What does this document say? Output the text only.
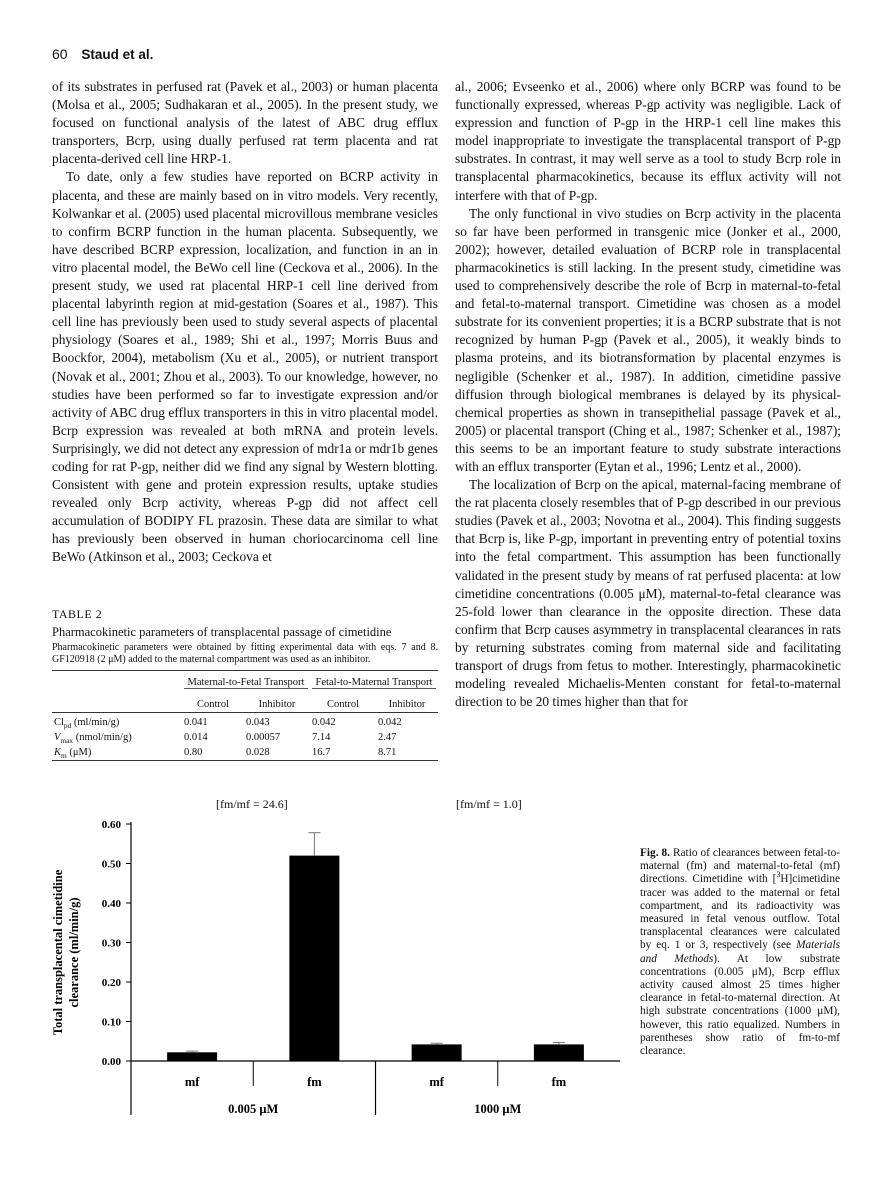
60 Staud et al.

of its substrates in perfused rat (Pavek et al., 2003) or human placenta (Molsa et al., 2005; Sudhakaran et al., 2005). In the present study, we focused on functional analysis of the latest of ABC drug efflux transporters, Bcrp, using dually perfused rat term placenta and rat placenta-derived cell line HRP-1.

To date, only a few studies have reported on BCRP activity in placenta, and these are mainly based on in vitro models. Very recently, Kolwankar et al. (2005) used placental microvillous membrane vesicles to confirm BCRP function in the human placenta. Subsequently, we have described BCRP expression, localization, and function in an in vitro placental model, the BeWo cell line (Ceckova et al., 2006). In the present study, we used rat placental HRP-1 cell line derived from placental labyrinth region at mid-gestation (Soares et al., 1987). This cell line has previously been used to study several aspects of placental physiology (Soares et al., 1989; Shi et al., 1997; Morris Buus and Boockfor, 2004), metabolism (Xu et al., 2005), or nutrient transport (Novak et al., 2001; Zhou et al., 2003). To our knowledge, however, no studies have been performed so far to investigate expression and/or activity of ABC drug efflux transporters in this in vitro placental model. Bcrp expression was revealed at both mRNA and protein levels. Surprisingly, we did not detect any expression of mdr1a or mdr1b genes coding for rat P-gp, neither did we find any signal by Western blotting. Consistent with gene and protein expression results, uptake studies revealed only Bcrp activity, whereas P-gp did not affect cell accumulation of BODIPY FL prazosin. These data are similar to what has previously been observed in human choriocarcinoma cell line BeWo (Atkinson et al., 2003; Ceckova et

al., 2006; Evseenko et al., 2006) where only BCRP was found to be functionally expressed, whereas P-gp activity was negligible. Lack of expression and function of P-gp in the HRP-1 cell line makes this model inappropriate to investigate the transplacental transport of P-gp substrates. In contrast, it may well serve as a tool to study Bcrp role in transplacental pharmacokinetics, because its efflux activity will not interfere with that of P-gp.

The only functional in vivo studies on Bcrp activity in the placenta so far have been performed in transgenic mice (Jonker et al., 2000, 2002); however, detailed evaluation of BCRP role in transplacental pharmacokinetics is still lacking. In the present study, cimetidine was used to comprehensively describe the role of Bcrp in maternal-to-fetal and fetal-to-maternal transport. Cimetidine was chosen as a model substrate for its convenient properties; it is a BCRP substrate that is not recognized by human P-gp (Pavek et al., 2005), it weakly binds to plasma proteins, and its biotransformation by placental enzymes is negligible (Schenker et al., 1987). In addition, cimetidine passive diffusion through biological membranes is delayed by its physical-chemical properties as shown in transepithelial passage (Pavek et al., 2005) or placental transport (Ching et al., 1987; Schenker et al., 1987); this seems to be an important feature to study substrate interactions with an efflux transporter (Eytan et al., 1996; Lentz et al., 2000).

The localization of Bcrp on the apical, maternal-facing membrane of the rat placenta closely resembles that of P-gp described in our previous studies (Pavek et al., 2003; Novotna et al., 2004). This finding suggests that Bcrp is, like P-gp, important in preventing entry of potential toxins into the fetal compartment. This assumption has been functionally validated in the present study by means of rat perfused placenta: at low cimetidine concentrations (0.005 μM), maternal-to-fetal clearance was 25-fold lower than clearance in the opposite direction. These data confirm that Bcrp causes asymmetry in transplacental clearances in rats by returning substrates coming from maternal side and facilitating transport of drugs from fetus to mother. Interestingly, pharmacokinetic modeling revealed Michaelis-Menten constant for fetal-to-maternal direction to be 20 times higher than that for

TABLE 2
Pharmacokinetic parameters of transplacental passage of cimetidine
Pharmacokinetic parameters were obtained by fitting experimental data with eqs. 7 and 8. GF120918 (2 μM) added to the maternal compartment was used as an inhibitor.

	Maternal-to-Fetal Transport		Fetal-to-Maternal Transport	

	Control	Inhibitor	Control	Inhibitor

$Cl_{pd}$ (ml/min/g)	0.041	0.043	0.042	0.042
$V_{max}$ (nmol/min/g)	0.014	0.00057	7.14	2.47
$K_m$ (μM)	0.80	0.028	16.7	8.71
[fm/mf = 24.6]	[fm/mf = 1.0]
0.00
0.10
0.20
0.30
0.40
0.50
0.60
mf	fm	mf	fm
0.005 μM	1000 μM
Total transplacental cimetidine clearance (ml/min/g)
Fig. 8. Ratio of clearances between fetal-to-maternal (fm) and maternal-to-fetal (mf) directions. Cimetidine with [$^3$H]cimetidine tracer was added to the maternal or fetal compartment, and its radioactivity was measured in fetal venous outflow. Total transplacental clearances were calculated by eq. 1 or 3, respectively (see Materials and Methods). At low substrate concentrations (0.005 μM), Bcrp efflux activity caused almost 25 times higher clearance in fetal-to-maternal direction. At high substrate concentrations (1000 μM), however, this ratio equalized. Numbers in parentheses show ratio of fm-to-mf clearance.
